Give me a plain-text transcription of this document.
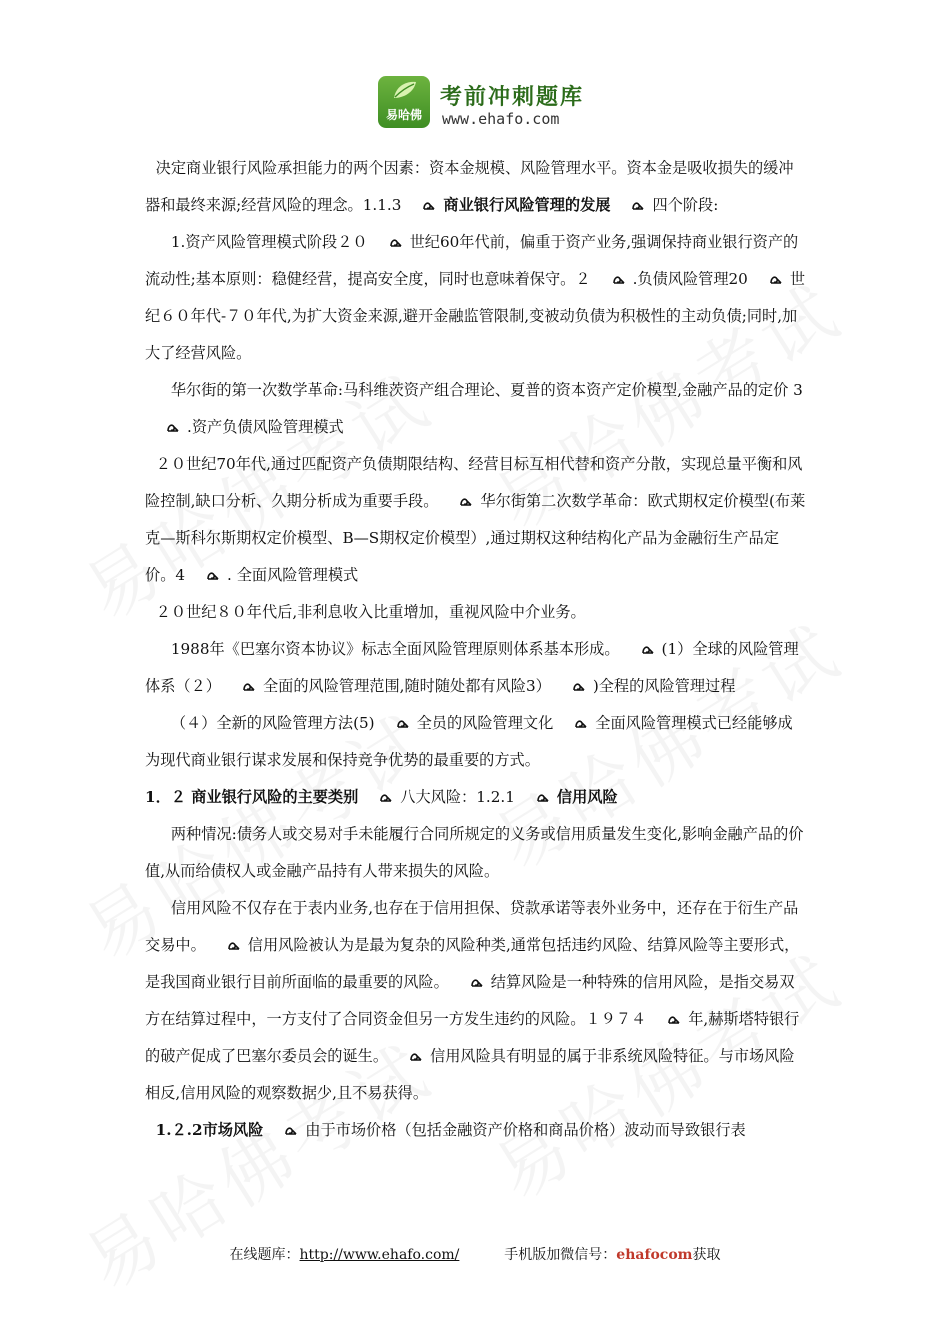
易哈佛
考前冲刺题库
www.ehafo.com

决定商业银行风险承担能力的两个因素：资本金规模、风险管理水平。资本金是吸收损失的缓冲器和最终来源;经营风险的理念。1.1.3	商业银行风险管理的发展	四个阶段:

1.资产风险管理模式阶段２０	世纪60年代前，偏重于资产业务,强调保持商业银行资产的流动性;基本原则：稳健经营，提高安全度，同时也意味着保守。２	.负债风险管理20	世纪６０年代-７０年代,为扩大资金来源,避开金融监管限制,变被动负债为积极性的主动负债;同时,加大了经营风险。

华尔街的第一次数学革命:马科维茨资产组合理论、夏普的资本资产定价模型,金融产品的定价 3.资产负债风险管理模式

２０世纪70年代,通过匹配资产负债期限结构、经营目标互相代替和资产分散，实现总量平衡和风险控制,缺口分析、久期分析成为重要手段。	华尔街第二次数学革命：欧式期权定价模型(布莱克—斯科尔斯期权定价模型、B—S期权定价模型）,通过期权这种结构化产品为金融衍生产品定价。4	. 全面风险管理模式

２０世纪８０年代后,非利息收入比重增加，重视风险中介业务。

1988年《巴塞尔资本协议》标志全面风险管理原则体系基本形成。	(1）全球的风险管理体系（２）	全面的风险管理范围,随时随处都有风险3）	)全程的风险管理过程

（４）全新的风险管理方法(5)	全员的风险管理文化	全面风险管理模式已经能够成为现代商业银行谋求发展和保持竞争优势的最重要的方式。

1．２ 商业银行风险的主要类别	八大风险：1.2.1	信用风险

两种情况:债务人或交易对手未能履行合同所规定的义务或信用质量发生变化,影响金融产品的价值,从而给债权人或金融产品持有人带来损失的风险。

信用风险不仅存在于表内业务,也存在于信用担保、贷款承诺等表外业务中，还存在于衍生产品交易中。	信用风险被认为是最为复杂的风险种类,通常包括违约风险、结算风险等主要形式，是我国商业银行目前所面临的最重要的风险。	结算风险是一种特殊的信用风险，是指交易双方在结算过程中，一方支付了合同资金但另一方发生违约的风险。１９７４	年,赫斯塔特银行的破产促成了巴塞尔委员会的诞生。	信用风险具有明显的属于非系统风险特征。与市场风险相反,信用风险的观察数据少,且不易获得。

1.２.2市场风险	由于市场价格（包括金融资产价格和商品价格）波动而导致银行表

在线题库：http://www.ehafo.com/	手机版加微信号：ehafocom获取
